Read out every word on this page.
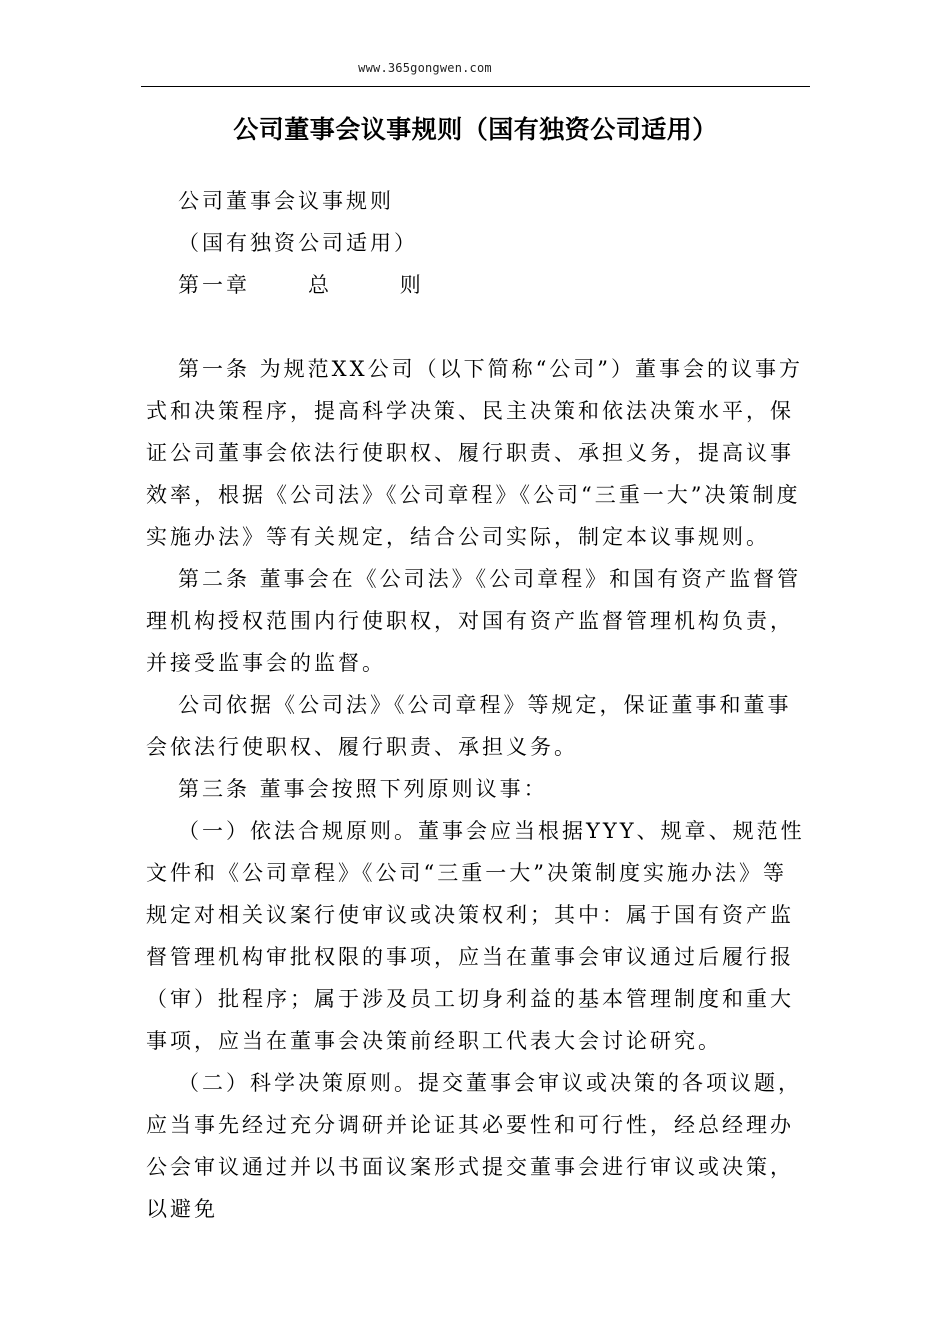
www.365gongwen.com
公司董事会议事规则（国有独资公司适用）

公司董事会议事规则

（国有独资公司适用）

第一章      总       则

第一条 为规范XX公司（以下简称“公司”）董事会的议事方式和决策程序，提高科学决策、民主决策和依法决策水平，保证公司董事会依法行使职权、履行职责、承担义务，提高议事效率，根据《公司法》《公司章程》《公司“三重一大”决策制度实施办法》等有关规定，结合公司实际，制定本议事规则。

第二条 董事会在《公司法》《公司章程》和国有资产监督管理机构授权范围内行使职权，对国有资产监督管理机构负责，并接受监事会的监督。

公司依据《公司法》《公司章程》等规定，保证董事和董事会依法行使职权、履行职责、承担义务。

第三条 董事会按照下列原则议事：

（一）依法合规原则。董事会应当根据YYY、规章、规范性文件和《公司章程》《公司“三重一大”决策制度实施办法》等规定对相关议案行使审议或决策权利；其中：属于国有资产监督管理机构审批权限的事项，应当在董事会审议通过后履行报（审）批程序；属于涉及员工切身利益的基本管理制度和重大事项，应当在董事会决策前经职工代表大会讨论研究。

（二）科学决策原则。提交董事会审议或决策的各项议题，应当事先经过充分调研并论证其必要性和可行性，经总经理办公会审议通过并以书面议案形式提交董事会进行审议或决策，以避免
